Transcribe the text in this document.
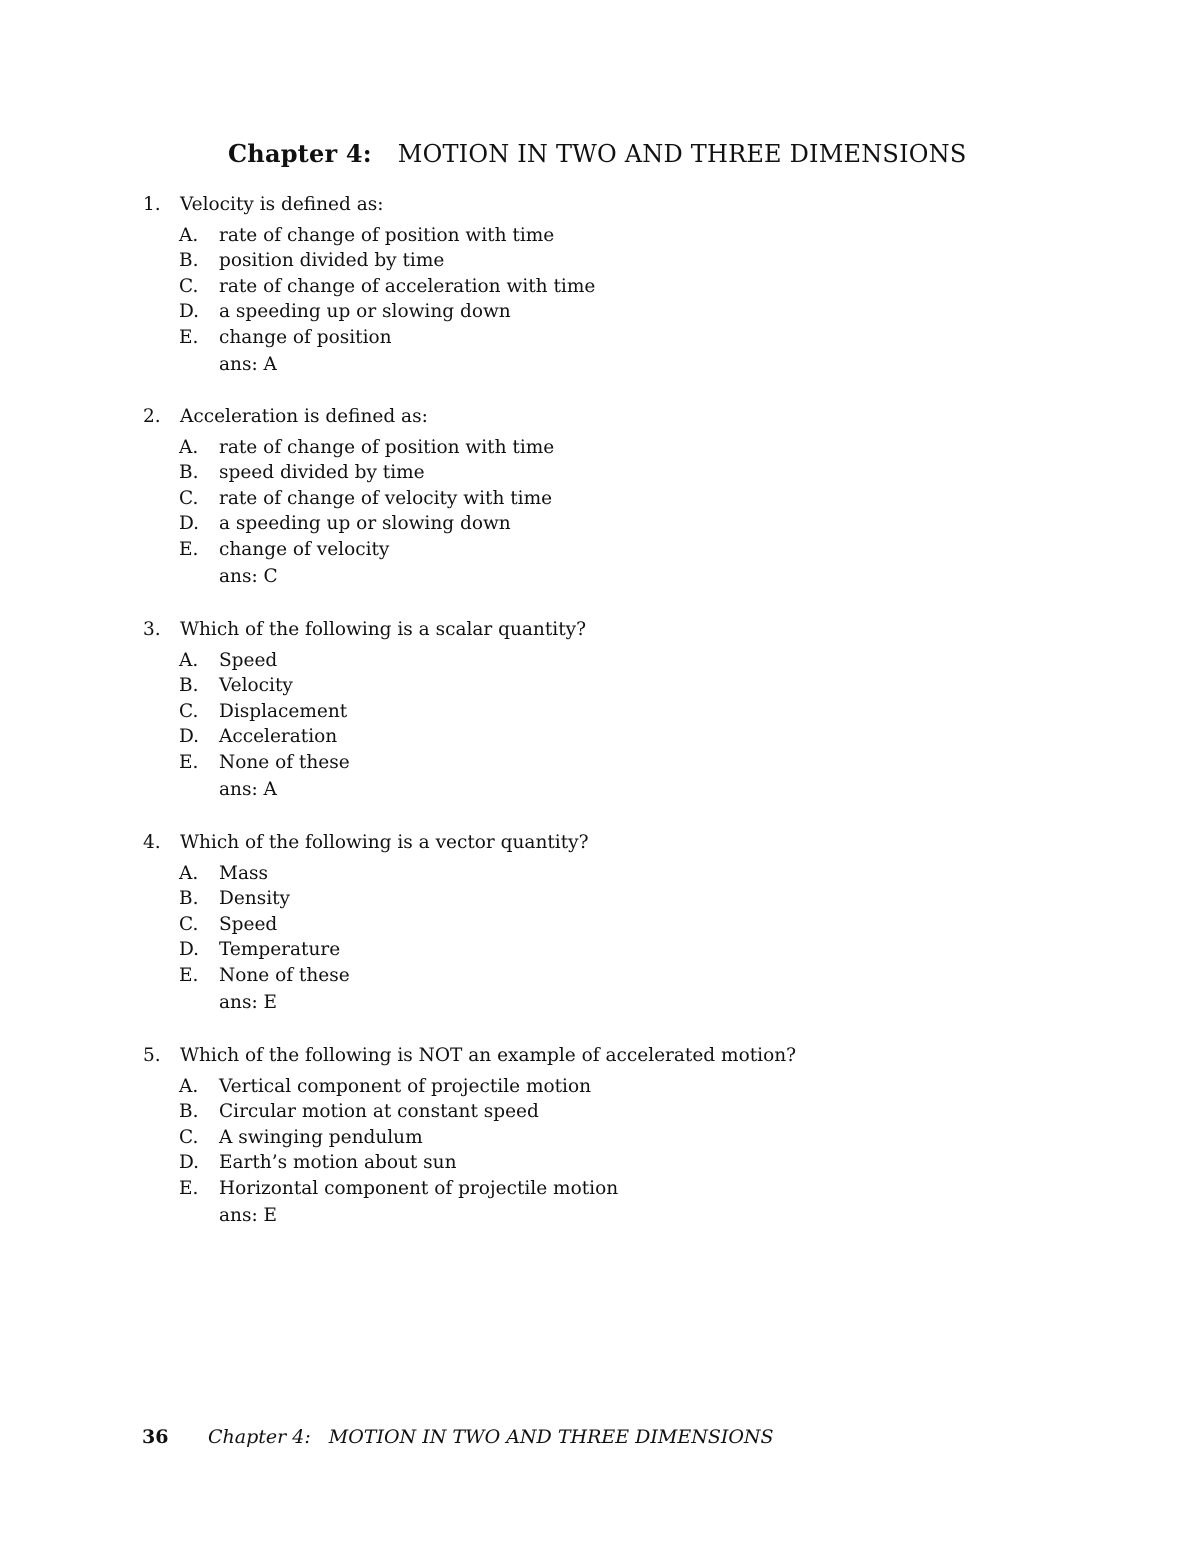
Chapter 4: MOTION IN TWO AND THREE DIMENSIONS
1. Velocity is defined as:
A. rate of change of position with time
B. position divided by time
C. rate of change of acceleration with time
D. a speeding up or slowing down
E. change of position
ans: A
2. Acceleration is defined as:
A. rate of change of position with time
B. speed divided by time
C. rate of change of velocity with time
D. a speeding up or slowing down
E. change of velocity
ans: C
3. Which of the following is a scalar quantity?
A. Speed
B. Velocity
C. Displacement
D. Acceleration
E. None of these
ans: A
4. Which of the following is a vector quantity?
A. Mass
B. Density
C. Speed
D. Temperature
E. None of these
ans: E
5. Which of the following is NOT an example of accelerated motion?
A. Vertical component of projectile motion
B. Circular motion at constant speed
C. A swinging pendulum
D. Earth’s motion about sun
E. Horizontal component of projectile motion
ans: E
36 Chapter 4: MOTION IN TWO AND THREE DIMENSIONS
